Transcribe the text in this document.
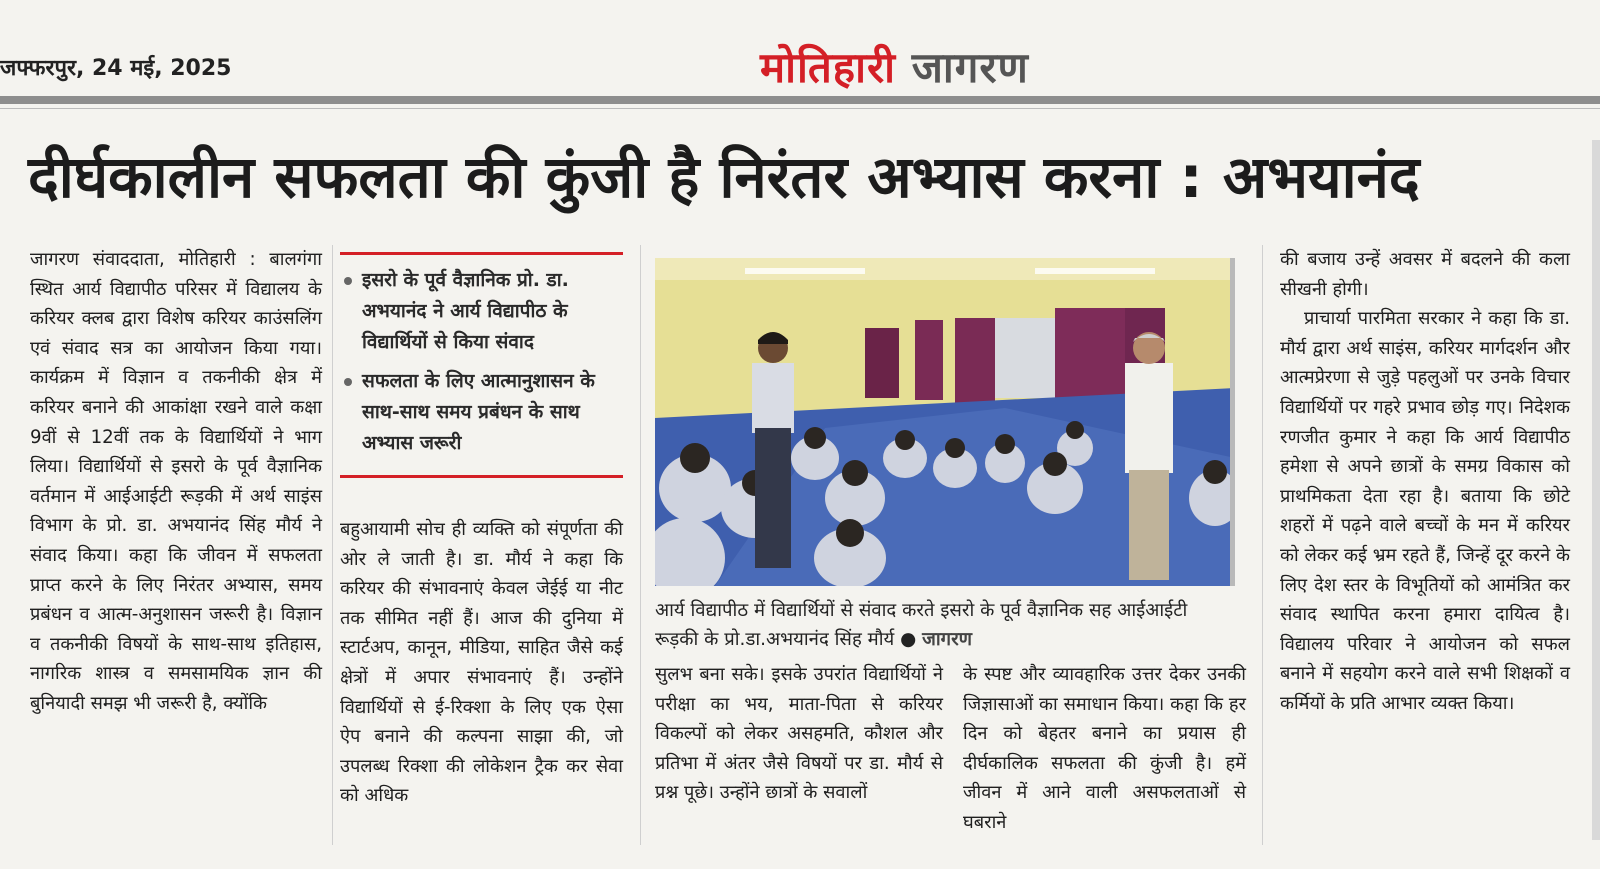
जफ्फरपुर, 24 मई, 2025	मोतिहारी जागरण
दीर्घकालीन सफलता की कुंजी है निरंतर अभ्यास करना : अभयानंद

जागरण संवाददाता, मोतिहारी : बालगंगा स्थित आर्य विद्यापीठ परिसर में विद्यालय के करियर क्लब द्वारा विशेष करियर काउंसलिंग एवं संवाद सत्र का आयोजन किया गया। कार्यक्रम में विज्ञान व तकनीकी क्षेत्र में करियर बनाने की आकांक्षा रखने वाले कक्षा 9वीं से 12वीं तक के विद्यार्थियों ने भाग लिया। विद्यार्थियों से इसरो के पूर्व वैज्ञानिक वर्तमान में आईआईटी रूड़की में अर्थ साइंस विभाग के प्रो. डा. अभयानंद सिंह मौर्य ने संवाद किया। कहा कि जीवन में सफलता प्राप्त करने के लिए निरंतर अभ्यास, समय प्रबंधन व आत्म-अनुशासन जरूरी है। विज्ञान व तकनीकी विषयों के साथ-साथ इतिहास, नागरिक शास्त्र व समसामयिक ज्ञान की बुनियादी समझ भी जरूरी है, क्योंकि

इसरो के पूर्व वैज्ञानिक प्रो. डा. अभयानंद ने आर्य विद्यापीठ के विद्यार्थियों से किया संवाद
सफलता के लिए आत्मानुशासन के साथ-साथ समय प्रबंधन के साथ अभ्यास जरूरी

बहुआयामी सोच ही व्यक्ति को संपूर्णता की ओर ले जाती है। डा. मौर्य ने कहा कि करियर की संभावनाएं केवल जेईई या नीट तक सीमित नहीं हैं। आज की दुनिया में स्टार्टअप, कानून, मीडिया, साहित जैसे कई क्षेत्रों में अपार संभावनाएं हैं। उन्होंने विद्यार्थियों से ई-रिक्शा के लिए एक ऐसा ऐप बनाने की कल्पना साझा की, जो उपलब्ध रिक्शा की लोकेशन ट्रैक कर सेवा को अधिक

आर्य विद्यापीठ में विद्यार्थियों से संवाद करते इसरो के पूर्व वैज्ञानिक सह आईआईटी रूड़की के प्रो.डा.अभयानंद सिंह मौर्य ● जागरण

सुलभ बना सके। इसके उपरांत विद्यार्थियों ने परीक्षा का भय, माता-पिता से करियर विकल्पों को लेकर असहमति, कौशल और प्रतिभा में अंतर जैसे विषयों पर डा. मौर्य से प्रश्न पूछे। उन्होंने छात्रों के सवालों

के स्पष्ट और व्यावहारिक उत्तर देकर उनकी जिज्ञासाओं का समाधान किया। कहा कि हर दिन को बेहतर बनाने का प्रयास ही दीर्घकालिक सफलता की कुंजी है। हमें जीवन में आने वाली असफलताओं से घबराने

की बजाय उन्हें अवसर में बदलने की कला सीखनी होगी।

प्राचार्या पारमिता सरकार ने कहा कि डा. मौर्य द्वारा अर्थ साइंस, करियर मार्गदर्शन और आत्मप्रेरणा से जुड़े पहलुओं पर उनके विचार विद्यार्थियों पर गहरे प्रभाव छोड़ गए। निदेशक रणजीत कुमार ने कहा कि आर्य विद्यापीठ हमेशा से अपने छात्रों के समग्र विकास को प्राथमिकता देता रहा है। बताया कि छोटे शहरों में पढ़ने वाले बच्चों के मन में करियर को लेकर कई भ्रम रहते हैं, जिन्हें दूर करने के लिए देश स्तर के विभूतियों को आमंत्रित कर संवाद स्थापित करना हमारा दायित्व है। विद्यालय परिवार ने आयोजन को सफल बनाने में सहयोग करने वाले सभी शिक्षकों व कर्मियों के प्रति आभार व्यक्त किया।
